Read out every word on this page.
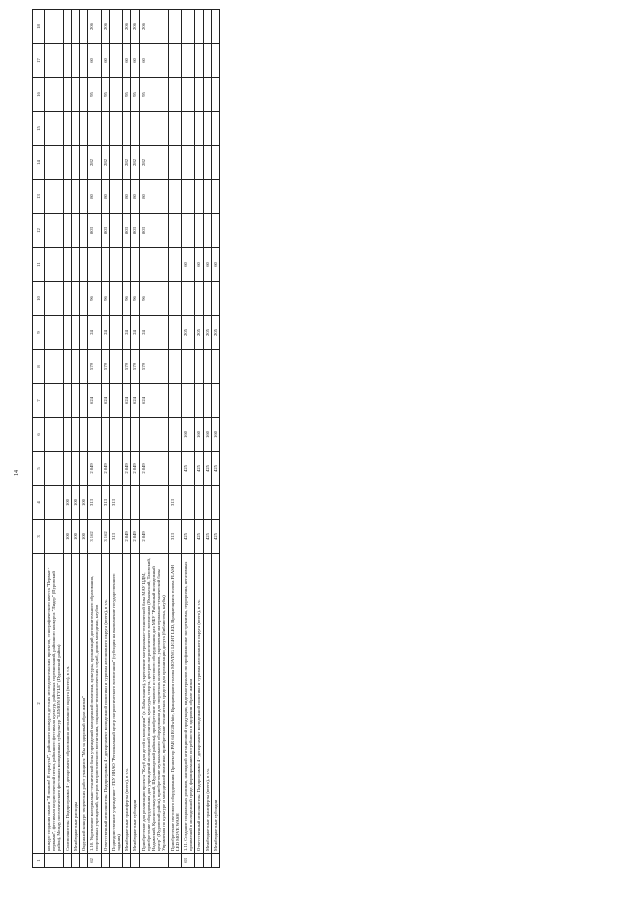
14
1	2	3	4	5	6	7	8	9	10	11	12	13	14	15	16	17	18
	конкурс создания памяти "Я помню! Я горжусь!", районного конкурса детских исследовательских проектов, этнографического квеста "Первые - первыми", фестиваля патриотической песни, районного фестиваля культур, районных соревнований, районного конкурса "Лидер" (Пуровский район), Между поселенческого фестиваля молодежных субкультур "LEMON STYLE" (Пуровский район)																
	Соисполнитель: Подпрограмма 4 - департамент образования автономного округа (всего), в т.ч.	100	100														
	Межбюджетные расходы	100	100														
	Окружной конкурс творческих работ учащихся "Мы за здоровый образ жизни"	100	100														
62	1.10. Укрепление материально-технической базы учреждений молодежной политики, культуры, организаций дополнительного образования, спортивных учреждений, центров патриотического воспитания, социально-психологических служб, домов молодежи, клубов	3 162	313	2 849		624	579	24	96		803	80	282		95	60	206
	Ответственный исполнитель: Подпрограмма 4 - департамент молодежной политики и туризма автономного округа (всего), в т.ч.	3 162	313	2 849		624	579	24	96		803	80	282		95	60	206
	Подведомственное учреждение - ГБУ ЯНАО "Региональный центр патриотического воспитания" (субсидия на выполнение государственного задания)	313	313														
	Межбюджетные трансферты (всего), в т.ч.	2 849		2 849		624	579	24	96		803	80	282		95	60	206
	Межбюджетные субсидии	2 849		2 849		624	579	24	96		803	80	282		95	60	206
	Приобретение для реализации проекта "Клуб для детей и молодежи" (г. Лабытнанги), укрепление материально-технической базы МАУ ЦДМ, приобретение оборудования для учреждений молодежной политики, культуры, спорта, центров патриотического воспитания (Ямальский, Тазовский, Надымский, Красноселькупский, Шурышкарский районы), приобретение звукового и светового оборудования для МБУ "Районный молодежный центр" (Пуровский район), приобретение музыкального оборудования для творческих коллективов, укрепление материально-технической базы Управления по культуре и молодежной политике, приобретение технических средств для организации досуга (библиотека, клубы)	2 849		2 849		624	579	24	96		803	80	282		95	60	206
	Приобретение светового оборудования: Прожектор PAR 64 RGBwhite, Вращающаяся голова MOVING LIGHT LED, Вращающаяся голова FLASH LED MOVE WASH	313	313														
63	1.11. Создание социальных роликов, наглядной агитационной продукции, видеоматериалов по профилактике экстремизма, терроризма, негативных проявлений в молодежной среде, формированию потребности в здоровом образе жизни	425		425	160			205		60							
	Ответственный исполнитель: Подпрограмма 4 - департамент молодежной политики и туризма автономного округа (всего), в т.ч.	425		425	160			205		60							
	Межбюджетные трансферты (всего), в т.ч.	425		425	160			205		60							
	Межбюджетные субсидии	425		425	160			205		60							
